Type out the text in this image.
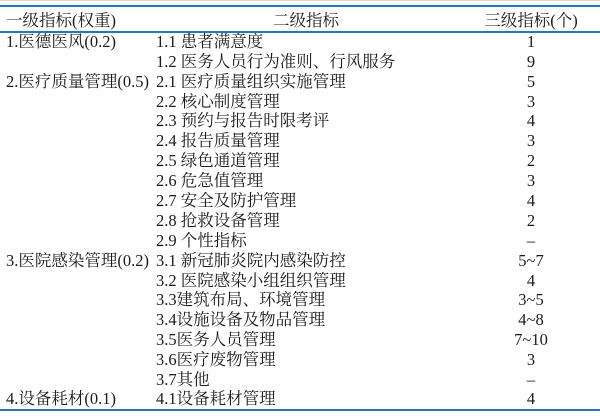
一级指标(权重)	二级指标	三级指标(个)
1.医德医风(0.2)	1.1 患者满意度	1
	1.2 医务人员行为准则、行风服务	9
2.医疗质量管理(0.5)	2.1 医疗质量组织实施管理	5
	2.2 核心制度管理	3
	2.3 预约与报告时限考评	4
	2.4 报告质量管理	3
	2.5 绿色通道管理	2
	2.6 危急值管理	3
	2.7 安全及防护管理	4
	2.8 抢救设备管理	2
	2.9 个性指标	–
3.医院感染管理(0.2)	3.1 新冠肺炎院内感染防控	5~7
	3.2 医院感染小组组织管理	4
	3.3建筑布局、环境管理	3~5
	3.4设施设备及物品管理	4~8
	3.5医务人员管理	7~10
	3.6医疗废物管理	3
	3.7其他	–
4.设备耗材(0.1)	4.1设备耗材管理	4
